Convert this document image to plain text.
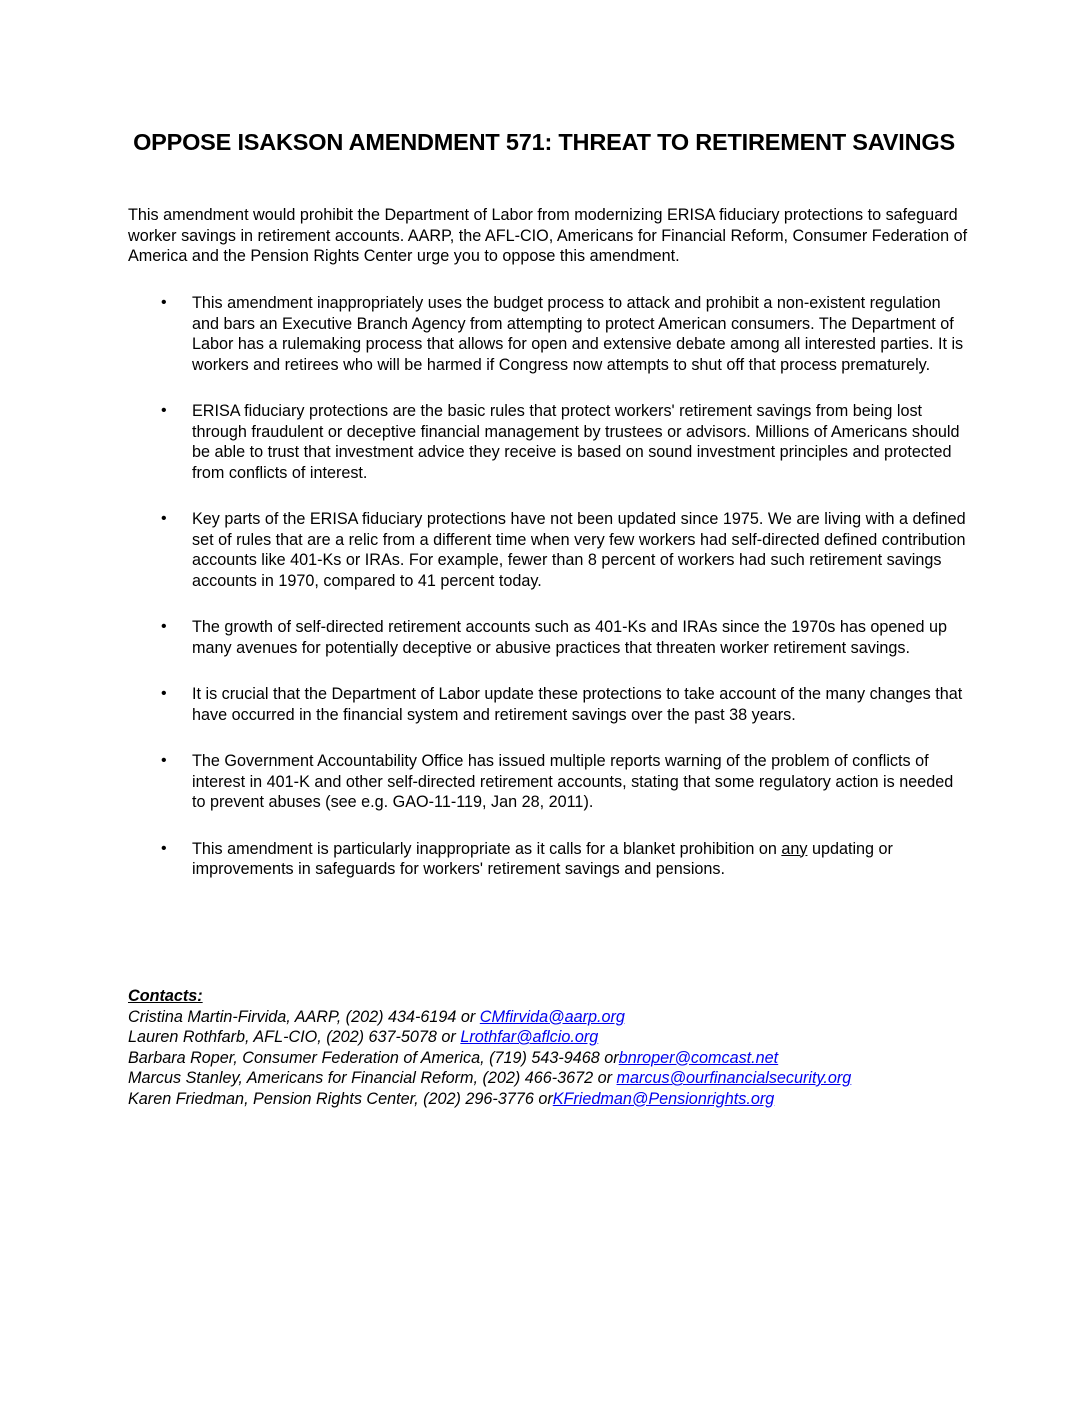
OPPOSE ISAKSON AMENDMENT 571: THREAT TO RETIREMENT SAVINGS
This amendment would prohibit the Department of Labor from modernizing ERISA fiduciary protections to safeguard worker savings in retirement accounts. AARP, the AFL-CIO, Americans for Financial Reform, Consumer Federation of America and the Pension Rights Center urge you to oppose this amendment.
• This amendment inappropriately uses the budget process to attack and prohibit a non-existent regulation and bars an Executive Branch Agency from attempting to protect American consumers. The Department of Labor has a rulemaking process that allows for open and extensive debate among all interested parties. It is workers and retirees who will be harmed if Congress now attempts to shut off that process prematurely.
• ERISA fiduciary protections are the basic rules that protect workers' retirement savings from being lost through fraudulent or deceptive financial management by trustees or advisors. Millions of Americans should be able to trust that investment advice they receive is based on sound investment principles and protected from conflicts of interest.
• Key parts of the ERISA fiduciary protections have not been updated since 1975. We are living with a defined set of rules that are a relic from a different time when very few workers had self-directed defined contribution accounts like 401-Ks or IRAs. For example, fewer than 8 percent of workers had such retirement savings accounts in 1970, compared to 41 percent today.
• The growth of self-directed retirement accounts such as 401-Ks and IRAs since the 1970s has opened up many avenues for potentially deceptive or abusive practices that threaten worker retirement savings.
• It is crucial that the Department of Labor update these protections to take account of the many changes that have occurred in the financial system and retirement savings over the past 38 years.
• The Government Accountability Office has issued multiple reports warning of the problem of conflicts of interest in 401-K and other self-directed retirement accounts, stating that some regulatory action is needed to prevent abuses (see e.g. GAO-11-119, Jan 28, 2011).
• This amendment is particularly inappropriate as it calls for a blanket prohibition on any updating or improvements in safeguards for workers' retirement savings and pensions.
Contacts:
Cristina Martin-Firvida, AARP, (202) 434-6194 or CMfirvida@aarp.org
Lauren Rothfarb, AFL-CIO, (202) 637-5078 or Lrothfar@aflcio.org
Barbara Roper, Consumer Federation of America, (719) 543-9468 orbnroper@comcast.net
Marcus Stanley, Americans for Financial Reform, (202) 466-3672 or marcus@ourfinancialsecurity.org
Karen Friedman, Pension Rights Center, (202) 296-3776 orKFriedman@Pensionrights.org
